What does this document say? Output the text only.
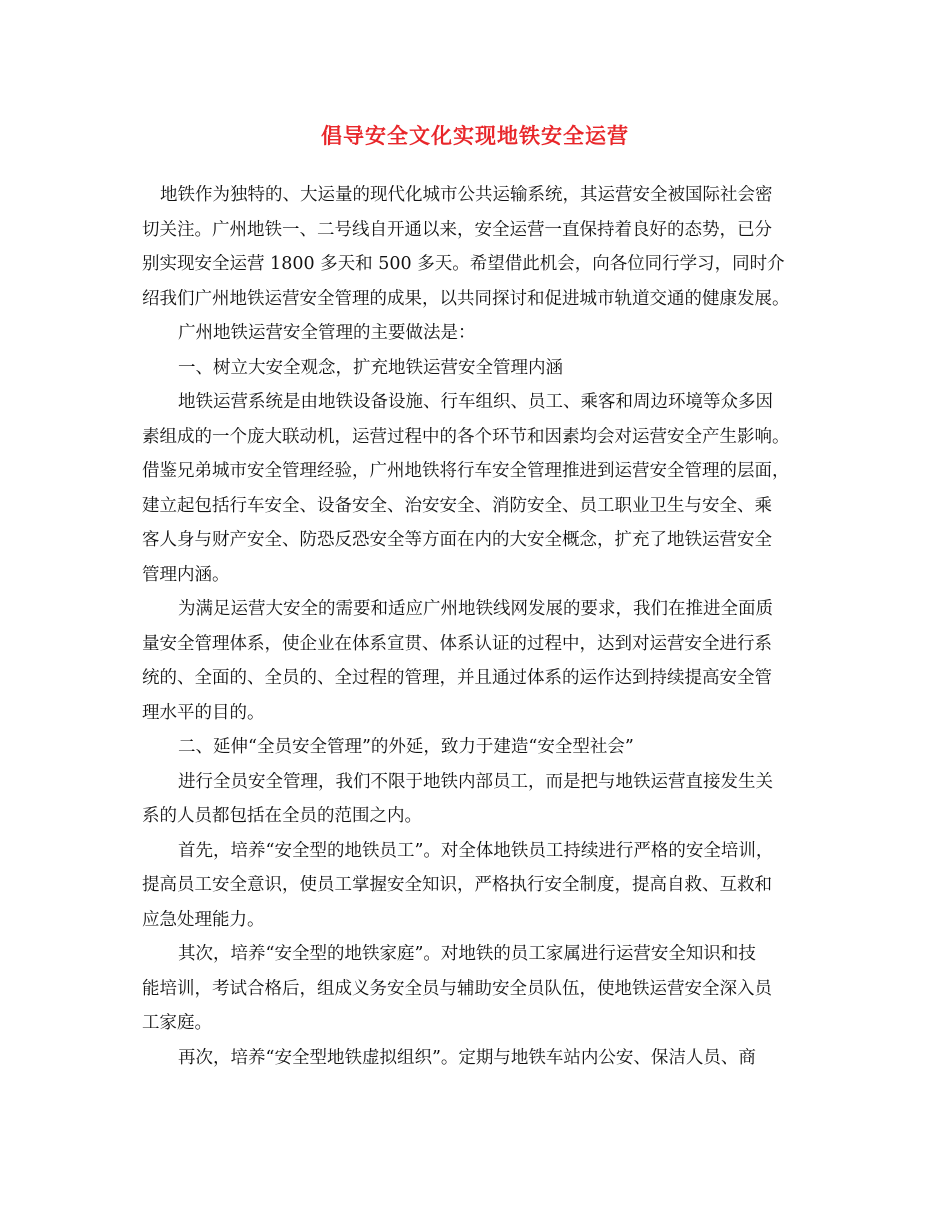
倡导安全文化实现地铁安全运营
地铁作为独特的、大运量的现代化城市公共运输系统，其运营安全被国际社会密
切关注。广州地铁一、二号线自开通以来，安全运营一直保持着良好的态势，已分
别实现安全运营 1800 多天和 500 多天。希望借此机会，向各位同行学习，同时介
绍我们广州地铁运营安全管理的成果，以共同探讨和促进城市轨道交通的健康发展。
广州地铁运营安全管理的主要做法是：
一、树立大安全观念，扩充地铁运营安全管理内涵
地铁运营系统是由地铁设备设施、行车组织、员工、乘客和周边环境等众多因
素组成的一个庞大联动机，运营过程中的各个环节和因素均会对运营安全产生影响。
借鉴兄弟城市安全管理经验，广州地铁将行车安全管理推进到运营安全管理的层面，
建立起包括行车安全、设备安全、治安安全、消防安全、员工职业卫生与安全、乘
客人身与财产安全、防恐反恐安全等方面在内的大安全概念，扩充了地铁运营安全
管理内涵。
为满足运营大安全的需要和适应广州地铁线网发展的要求，我们在推进全面质
量安全管理体系，使企业在体系宣贯、体系认证的过程中，达到对运营安全进行系
统的、全面的、全员的、全过程的管理，并且通过体系的运作达到持续提高安全管
理水平的目的。
二、延伸“全员安全管理”的外延，致力于建造“安全型社会”
进行全员安全管理，我们不限于地铁内部员工，而是把与地铁运营直接发生关
系的人员都包括在全员的范围之内。
首先，培养“安全型的地铁员工”。对全体地铁员工持续进行严格的安全培训，
提高员工安全意识，使员工掌握安全知识，严格执行安全制度，提高自救、互救和
应急处理能力。
其次，培养“安全型的地铁家庭”。对地铁的员工家属进行运营安全知识和技
能培训，考试合格后，组成义务安全员与辅助安全员队伍，使地铁运营安全深入员
工家庭。
再次，培养“安全型地铁虚拟组织”。定期与地铁车站内公安、保洁人员、商
